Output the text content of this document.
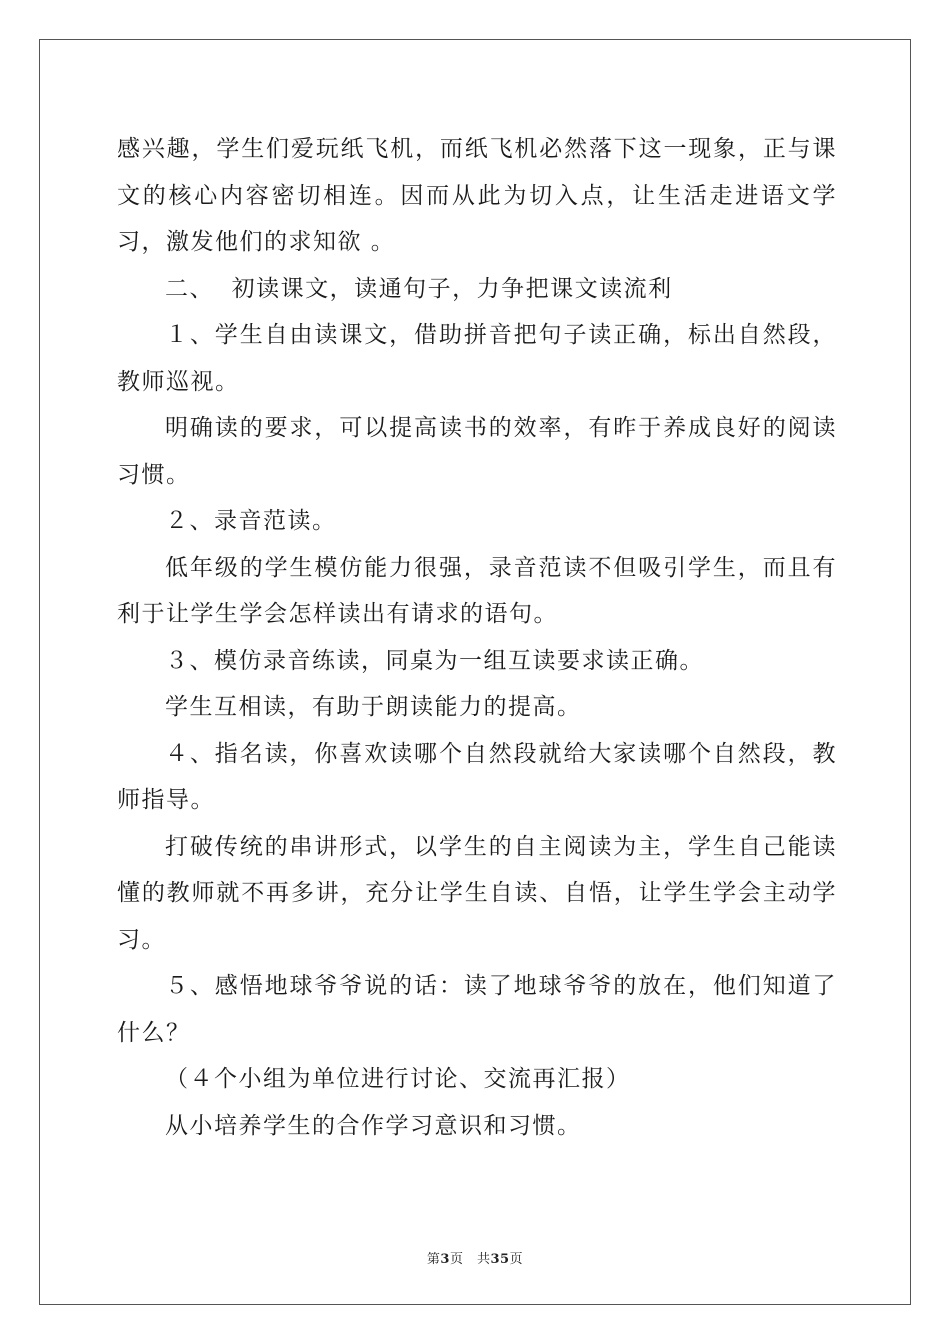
感兴趣，学生们爱玩纸飞机，而纸飞机必然落下这一现象，正与课文的核心内容密切相连。因而从此为切入点，让生活走进语文学习，激发他们的求知欲 。

二、  初读课文，读通句子，力争把课文读流利

１、学生自由读课文，借助拼音把句子读正确，标出自然段，教师巡视。

明确读的要求，可以提高读书的效率，有昨于养成良好的阅读习惯。

２、录音范读。

低年级的学生模仿能力很强，录音范读不但吸引学生，而且有利于让学生学会怎样读出有请求的语句。

３、模仿录音练读，同桌为一组互读要求读正确。

学生互相读，有助于朗读能力的提高。

４、指名读，你喜欢读哪个自然段就给大家读哪个自然段，教师指导。

打破传统的串讲形式，以学生的自主阅读为主，学生自己能读懂的教师就不再多讲，充分让学生自读、自悟，让学生学会主动学习。

５、感悟地球爷爷说的话：读了地球爷爷的放在，他们知道了什么？

（４个小组为单位进行讨论、交流再汇报）

从小培养学生的合作学习意识和习惯。

第3页　共35页
